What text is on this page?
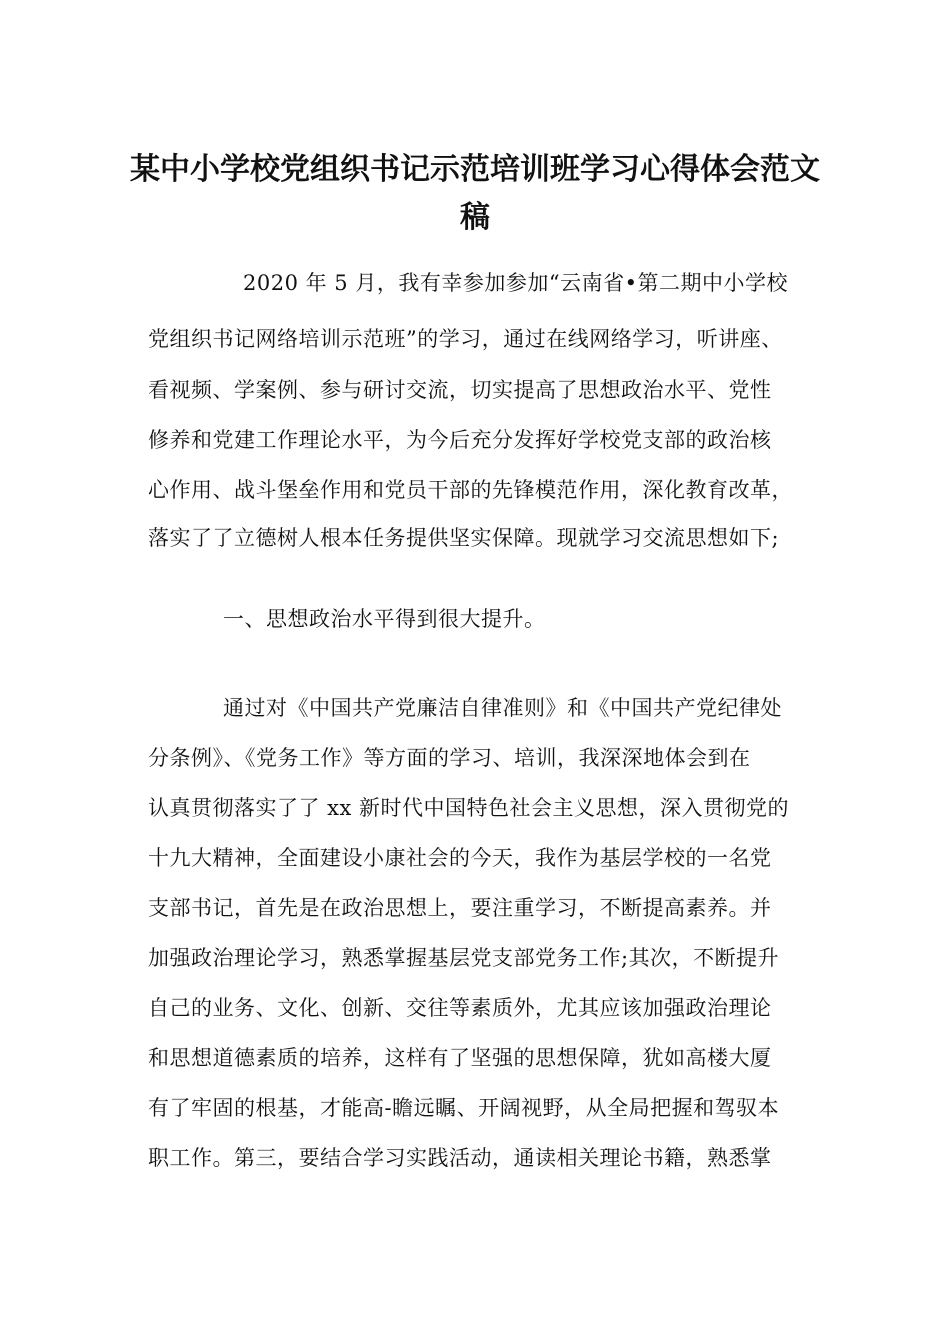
某中小学校党组织书记示范培训班学习心得体会范文
稿
2020 年 5 月，我有幸参加参加“云南省•第二期中小学校
党组织书记网络培训示范班”的学习，通过在线网络学习，听讲座、
看视频、学案例、参与研讨交流，切实提高了思想政治水平、党性
修养和党建工作理论水平，为今后充分发挥好学校党支部的政治核
心作用、战斗堡垒作用和党员干部的先锋模范作用，深化教育改革，
落实了了立德树人根本任务提供坚实保障。现就学习交流思想如下;
一、思想政治水平得到很大提升。
通过对《中国共产党廉洁自律准则》和《中国共产党纪律处
分条例》、《党务工作》等方面的学习、培训，我深深地体会到在
认真贯彻落实了了 xx 新时代中国特色社会主义思想，深入贯彻党的
十九大精神，全面建设小康社会的今天，我作为基层学校的一名党
支部书记，首先是在政治思想上，要注重学习，不断提高素养。并
加强政治理论学习，熟悉掌握基层党支部党务工作;其次，不断提升
自己的业务、文化、创新、交往等素质外，尤其应该加强政治理论
和思想道德素质的培养，这样有了坚强的思想保障，犹如高楼大厦
有了牢固的根基，才能高-瞻远瞩、开阔视野，从全局把握和驾驭本
职工作。第三，要结合学习实践活动，通读相关理论书籍，熟悉掌
